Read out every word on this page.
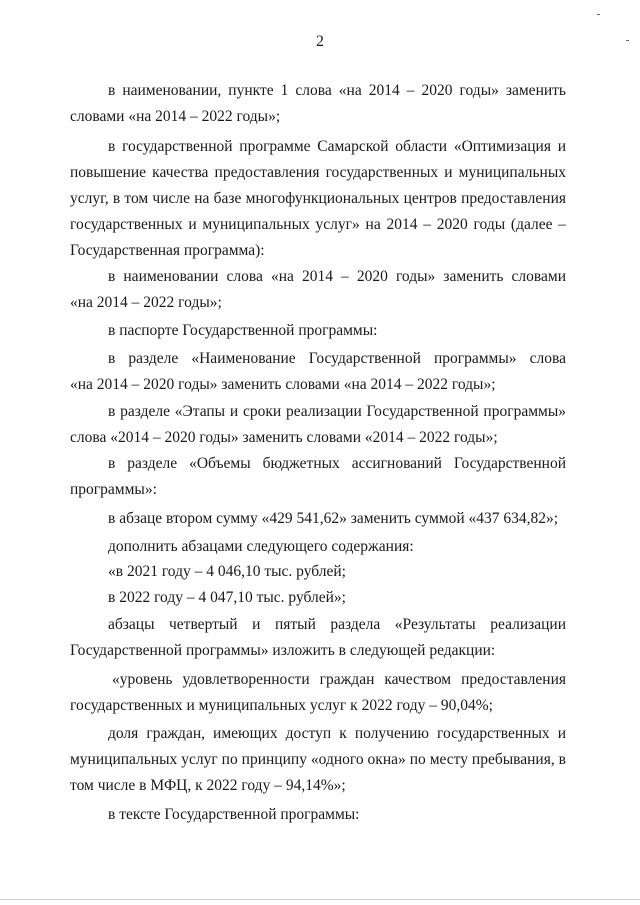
2
в наименовании, пункте 1 слова «на 2014 – 2020 годы» заменить
словами «на 2014 – 2022 годы»;
в государственной программе Самарской области «Оптимизация и
повышение качества предоставления государственных и муниципальных
услуг, в том числе на базе многофункциональных центров предоставления
государственных и муниципальных услуг» на 2014 – 2020 годы (далее –
Государственная программа):
в наименовании слова «на 2014 – 2020 годы» заменить словами
«на 2014 – 2022 годы»;
в паспорте Государственной программы:
в разделе «Наименование Государственной программы» слова
«на 2014 – 2020 годы» заменить словами «на 2014 – 2022 годы»;
в разделе «Этапы и сроки реализации Государственной программы»
слова «2014 – 2020 годы» заменить словами «2014 – 2022 годы»;
в разделе «Объемы бюджетных ассигнований Государственной
программы»:
в абзаце втором сумму «429 541,62» заменить суммой «437 634,82»;
дополнить абзацами следующего содержания:
«в 2021 году – 4 046,10 тыс. рублей;
в 2022 году – 4 047,10 тыс. рублей»;
абзацы четвертый и пятый раздела «Результаты реализации
Государственной программы» изложить в следующей редакции:
«уровень удовлетворенности граждан качеством предоставления
государственных и муниципальных услуг к 2022 году – 90,04%;
доля граждан, имеющих доступ к получению государственных и
муниципальных услуг по принципу «одного окна» по месту пребывания, в
том числе в МФЦ, к 2022 году – 94,14%»;
в тексте Государственной программы:
